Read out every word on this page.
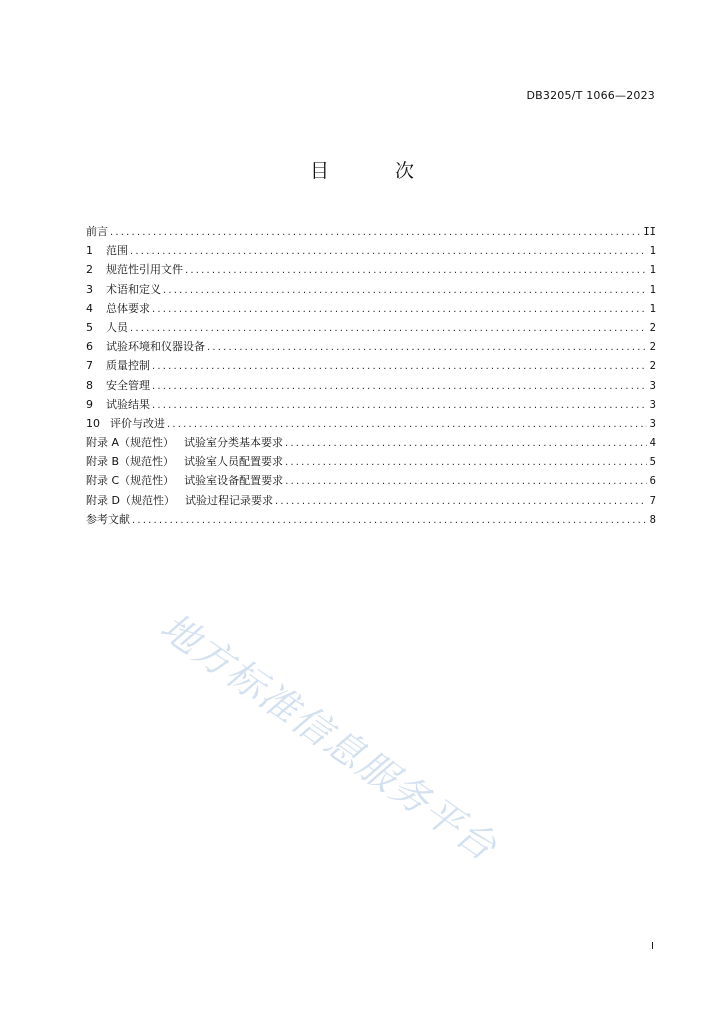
DB3205/T 1066—2023
目 次
前言 .....	II
1 范围 .....	1
2 规范性引用文件 .....	1
3 术语和定义 .....	1
4 总体要求 .....	1
5 人员 .....	2
6 试验环境和仪器设备 .....	2
7 质量控制 .....	2
8 安全管理 .....	3
9 试验结果 .....	3
10 评价与改进 .....	3
附录 A（规范性） 试验室分类基本要求 .....	4
附录 B（规范性） 试验室人员配置要求 .....	5
附录 C（规范性） 试验室设备配置要求 .....	6
附录 D（规范性） 试验过程记录要求 .....	7
参考文献 .....	8
地方标准信息服务平台
I
